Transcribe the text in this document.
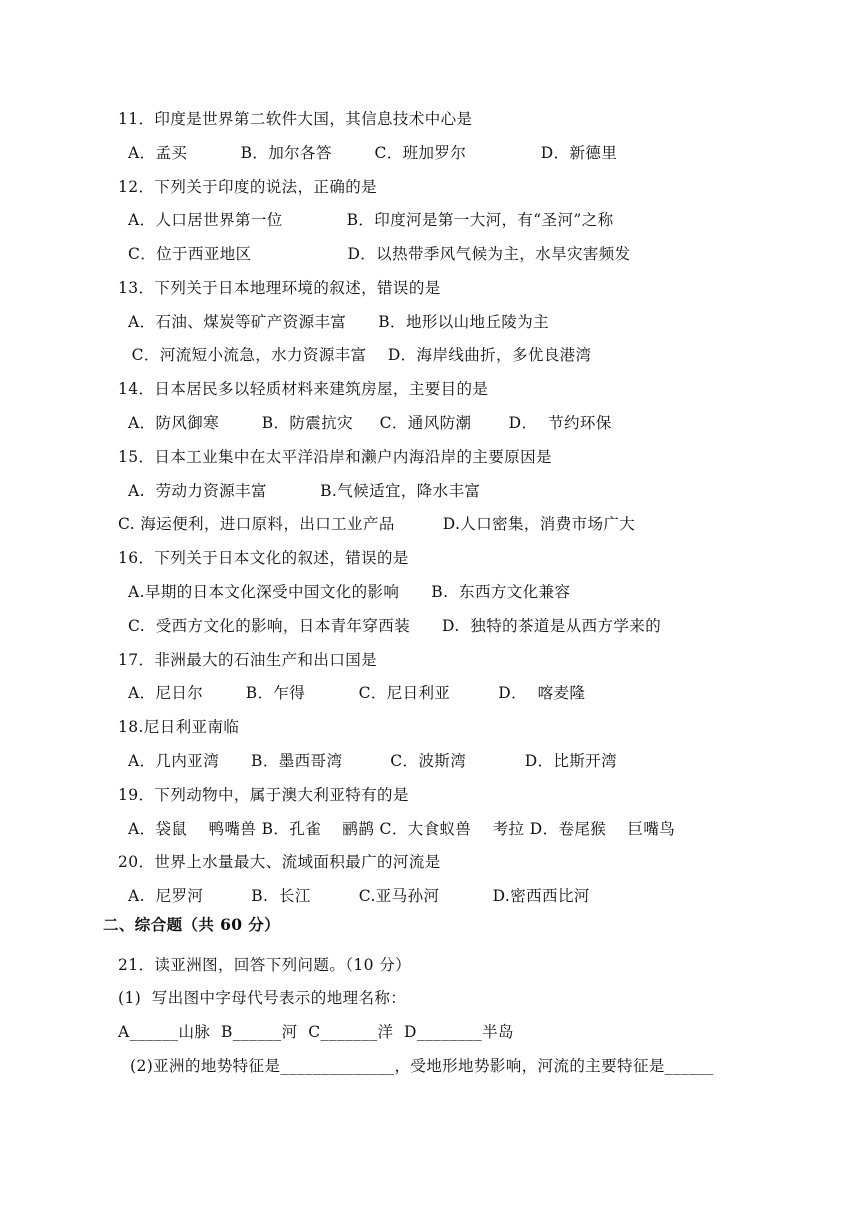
11．印度是世界第二软件大国，其信息技术中心是
A．孟买          B．加尔各答        C．班加罗尔              D．新德里
12．下列关于印度的说法，正确的是
A．人口居世界第一位            B．印度河是第一大河，有“圣河”之称
C．位于西亚地区                  D．以热带季风气候为主，水旱灾害频发
13．下列关于日本地理环境的叙述，错误的是
A．石油、煤炭等矿产资源丰富      B．地形以山地丘陵为主
C．河流短小流急，水力资源丰富    D．海岸线曲折，多优良港湾
14．日本居民多以轻质材料来建筑房屋，主要目的是
A．防风御寒        B．防震抗灾     C．通风防潮       D．  节约环保
15．日本工业集中在太平洋沿岸和濑户内海沿岸的主要原因是
A.  劳动力资源丰富          B.气候适宜，降水丰富
C. 海运便利，进口原料，出口工业产品         D.人口密集，消费市场广大
16．下列关于日本文化的叙述，错误的是
A.早期的日本文化深受中国文化的影响      B.  东西方文化兼容
C.  受西方文化的影响，日本青年穿西装      D.  独特的茶道是从西方学来的
17．非洲最大的石油生产和出口国是
A．尼日尔        B．乍得          C．尼日利亚         D．  喀麦隆
18.尼日利亚南临
A．几内亚湾      B．墨西哥湾         C．波斯湾           D．比斯开湾
19．下列动物中，属于澳大利亚特有的是
A．袋鼠    鸭嘴兽 B．孔雀    鹂鹋 C．大食蚁兽    考拉 D．卷尾猴    巨嘴鸟
20．世界上水量最大、流域面积最广的河流是
A.  尼罗河         B.  长江         C.亚马孙河          D.密西西比河
二、综合题（共 60 分）
21．读亚洲图，回答下列问题。（10 分）
(1)  写出图中字母代号表示的地理名称：
A______山脉  B______河  C_______洋  D________半岛
(2)亚洲的地势特征是______________，受地形地势影响，河流的主要特征是______
